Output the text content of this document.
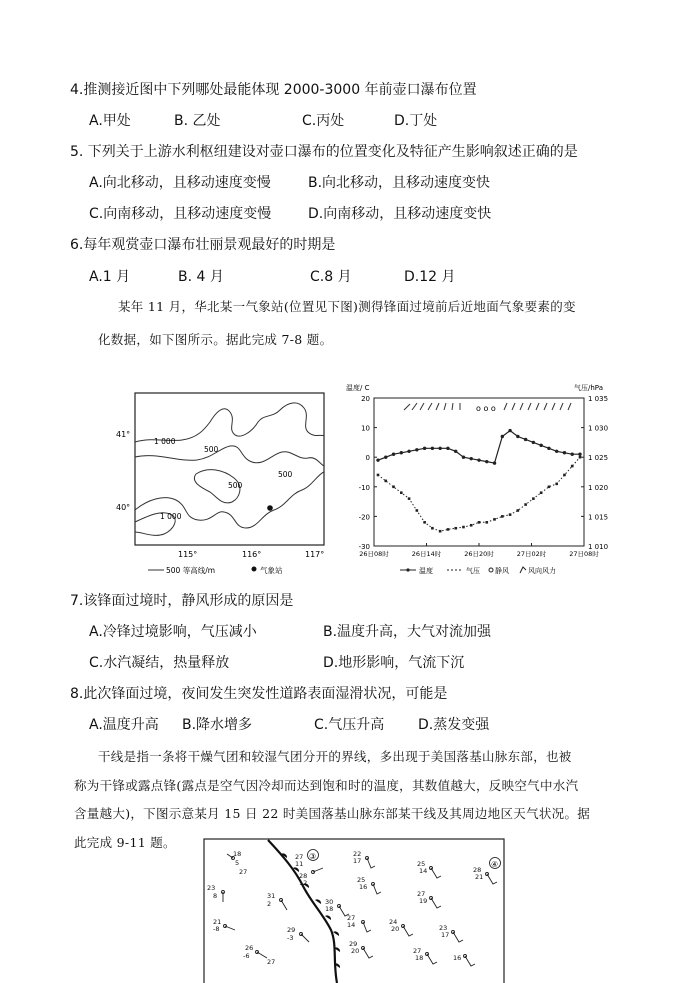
4.推测接近图中下列哪处最能体现 2000-3000 年前壶口瀑布位置
A.甲处	B. 乙处	C.丙处	D.丁处
5. 下列关于上游水利枢纽建设对壶口瀑布的位置变化及特征产生影响叙述正确的是
A.向北移动，且移动速度变慢	B.向北移动，且移动速度变快
C.向南移动，且移动速度变慢	D.向南移动，且移动速度变快
6.每年观赏壶口瀑布壮丽景观最好的时期是
A.1 月	B. 4 月	C.8 月	D.12 月
某年 11 月，华北某一气象站(位置见下图)测得锋面过境前后近地面气象要素的变
化数据，如下图所示。据此完成 7-8 题。
41°
40°
115°	116°	117°
1 000
500
500
500
1 000
500 等高线/m	气象站
温度/ C	气压/hPa
20
10
0
-10
-20
-30
1 035
1 030
1 025
1 020
1 015
1 010
26日08时	26日14时	26日20时	27日02时	27日08时
o o o
温度	气压 静风	风向风力
7.该锋面过境时，静风形成的原因是
A.冷锋过境影响，气压减小	B.温度升高，大气对流加强
C.水汽凝结，热量释放	D.地形影响，气流下沉
8.此次锋面过境，夜间发生突发性道路表面湿滑状况，可能是
A.温度升高 B.降水增多	C.气压升高 D.蒸发变强
干线是指一条将干燥气团和较湿气团分开的界线，多出现于美国落基山脉东部，也被
称为干锋或露点锋(露点是空气因冷却而达到饱和时的温度，其数值越大，反映空气中水汽
含量越大)，下图示意某月 15 日 22 时美国落基山脉东部某干线及其周边地区天气状况。据
此完成 9-11 题。
③
④
18
5
23
8
21
-8
26
-6
27
31
2
29
-3
27
27
11
28
12
30
18
27
14
22
17
25
16
25
14
27
19
24
20	23
17
28
21
27
18
29
20
16
